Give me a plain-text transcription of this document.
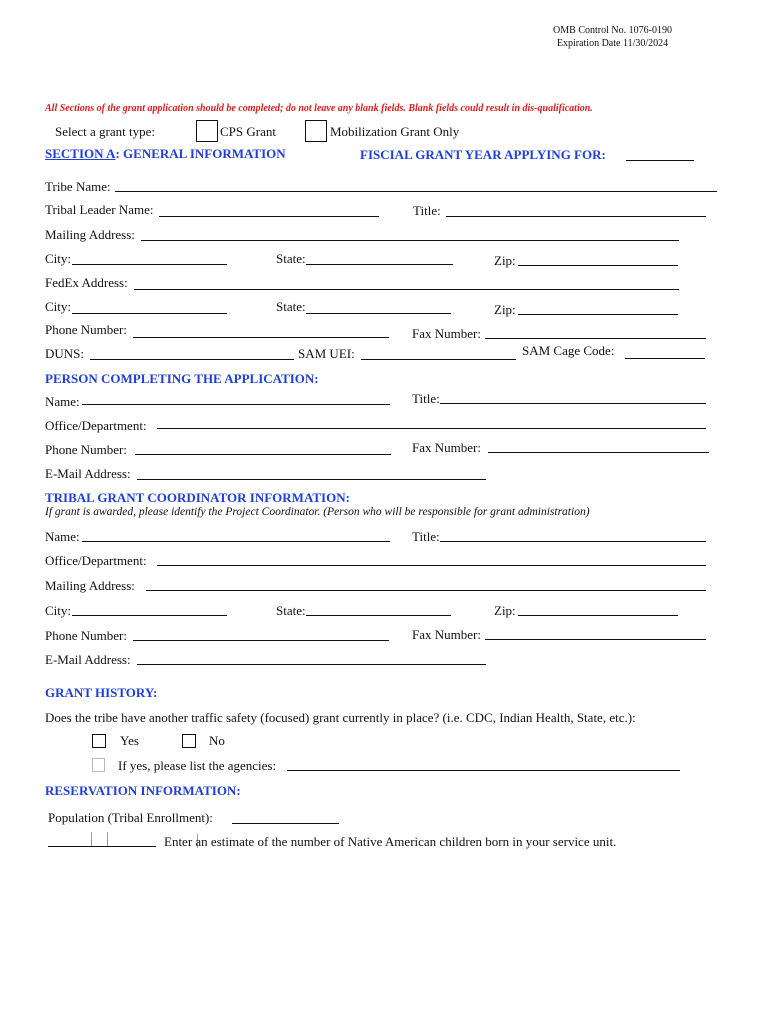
OMB Control No. 1076-0190
Expiration Date 11/30/2024
All Sections of the grant application should be completed; do not leave any blank fields. Blank fields could result in dis-qualification.
Select a grant type:	CPS Grant	Mobilization Grant Only
SECTION A: GENERAL INFORMATION	FISCIAL GRANT YEAR APPLYING FOR:
Tribe Name:
Tribal Leader Name:	Title:
Mailing Address:
City:	State:	Zip:
FedEx Address:
City:	State:	Zip:
Phone Number:	Fax Number:
DUNS:	SAM UEI:	SAM Cage Code:
PERSON COMPLETING THE APPLICATION:
Name:	Title:
Office/Department:
Phone Number:	Fax Number:
E-Mail Address:
TRIBAL GRANT COORDINATOR INFORMATION:
If grant is awarded, please identify the Project Coordinator. (Person who will be responsible for grant administration)
Name:	Title:
Office/Department:
Mailing Address:
City:	State:	Zip:
Phone Number:	Fax Number:
E-Mail Address:
GRANT HISTORY:
Does the tribe have another traffic safety (focused) grant currently in place? (i.e. CDC, Indian Health, State, etc.):
Yes	No
If yes, please list the agencies:
RESERVATION INFORMATION:
Population (Tribal Enrollment):
Enter an estimate of the number of Native American children born in your service unit.
